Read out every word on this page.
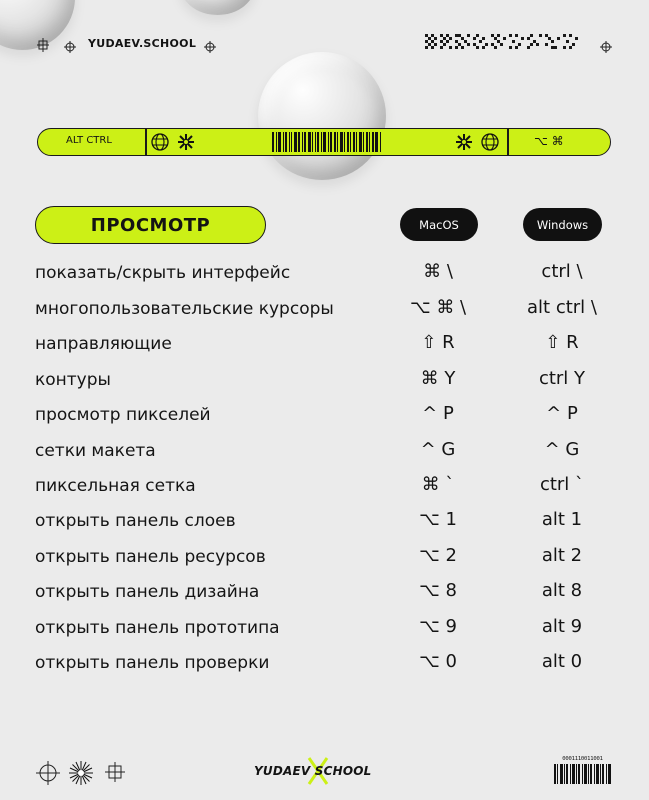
YUDAEV.SCHOOL
ALT CTRL	⌥ ⌘
ПРОСМОТР	MacOS	Windows
показать/скрыть интерфейс	⌘ \	ctrl \
многопользовательские курсоры	⌥ ⌘ \	alt ctrl \
направляющие	⇧ R	⇧ R
контуры	⌘ Y	ctrl Y
просмотр пикселей	^ P	^ P
сетки макета	^ G	^ G
пиксельная сетка	⌘ `	ctrl `
открыть панель слоев	⌥ 1	alt 1
открыть панель ресурсов	⌥ 2	alt 2
открыть панель дизайна	⌥ 8	alt 8
открыть панель прототипа	⌥ 9	alt 9
открыть панель проверки	⌥ 0	alt 0
YUDAEV SCHOOL
0001110011001
